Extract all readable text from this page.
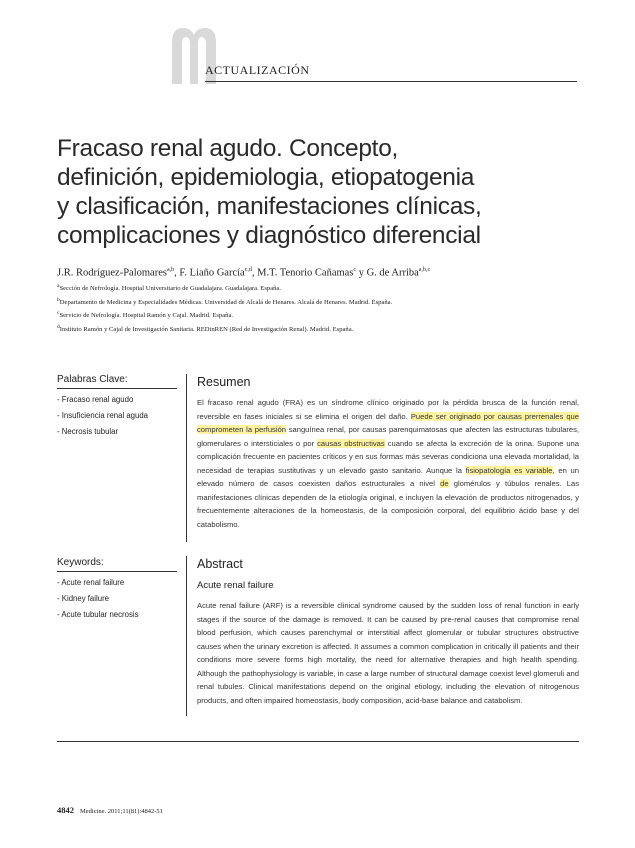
ACTUALIZACIÓN
Fracaso renal agudo. Concepto,
definición, epidemiologia, etiopatogenia
y clasificación, manifestaciones clínicas,
complicaciones y diagnóstico diferencial
J.R. Rodríguez-Palomares$^{a,b}$, F. Liaño García$^{c,d}$, M.T. Tenorio Cañamas$^c$ y G. de Arriba$^{a,b,c}$
$^a$Sección de Nefrología. Hospital Universitario de Guadalajara. Guadalajara. España.
$^b$Departamento de Medicina y Especialidades Médicas. Universidad de Alcalá de Henares. Alcalá de Henares. Madrid. España.
$^c$Servicio de Nefrología. Hospital Ramón y Cajal. Madrid. España.
$^d$Instituto Ramón y Cajal de Investigación Sanitaria. REDinREN (Red de Investigación Renal). Madrid. España.
Palabras Clave:
- Fracaso renal agudo
- Insuficiencia renal aguda
- Necrosis tubular
Resumen

El fracaso renal agudo (FRA) es un síndrome clínico originado por la pérdida brusca de la función renal, reversible en fases iniciales si se elimina el origen del daño. Puede ser originado por causas prerrenales que comprometen la perfusión sanguínea renal, por causas parenquimatosas que afecten las estructuras tubulares, glomerulares o intersticiales o por causas obstructivas cuando se afecta la excreción de la orina. Supone una complicación frecuente en pacientes críticos y en sus formas más severas condiciona una elevada mortalidad, la necesidad de terapias sustitutivas y un elevado gasto sanitario. Aunque la fisiopatología es variable, en un elevado número de casos coexisten daños estructurales a nivel de glomérulos y túbulos renales. Las manifestaciones clínicas dependen de la etiología original, e incluyen la elevación de productos nitrogenados, y frecuentemente alteraciones de la homeostasis, de la composición corporal, del equilibrio ácido base y del catabolismo.

Keywords:
- Acute renal failure
- Kidney failure
- Acute tubular necrosis
Abstract
Acute renal failure

Acute renal failure (ARF) is a reversible clinical syndrome caused by the sudden loss of renal function in early stages if the source of the damage is removed. It can be caused by pre-renal causes that compromise renal blood perfusion, which causes parenchymal or interstitial affect glomerular or tubular structures obstructive causes when the urinary excretion is affected. It assumes a common complication in critically ill patients and their conditions more severe forms high mortality, the need for alternative therapies and high health spending. Although the pathophysiology is variable, in case a large number of structural damage coexist level glomeruli and renal tubules. Clinical manifestations depend on the original etiology, including the elevation of nitrogenous products, and often impaired homeostasis, body composition, acid-base balance and catabolism.

4842 Medicine. 2011;11(81):4842-51
